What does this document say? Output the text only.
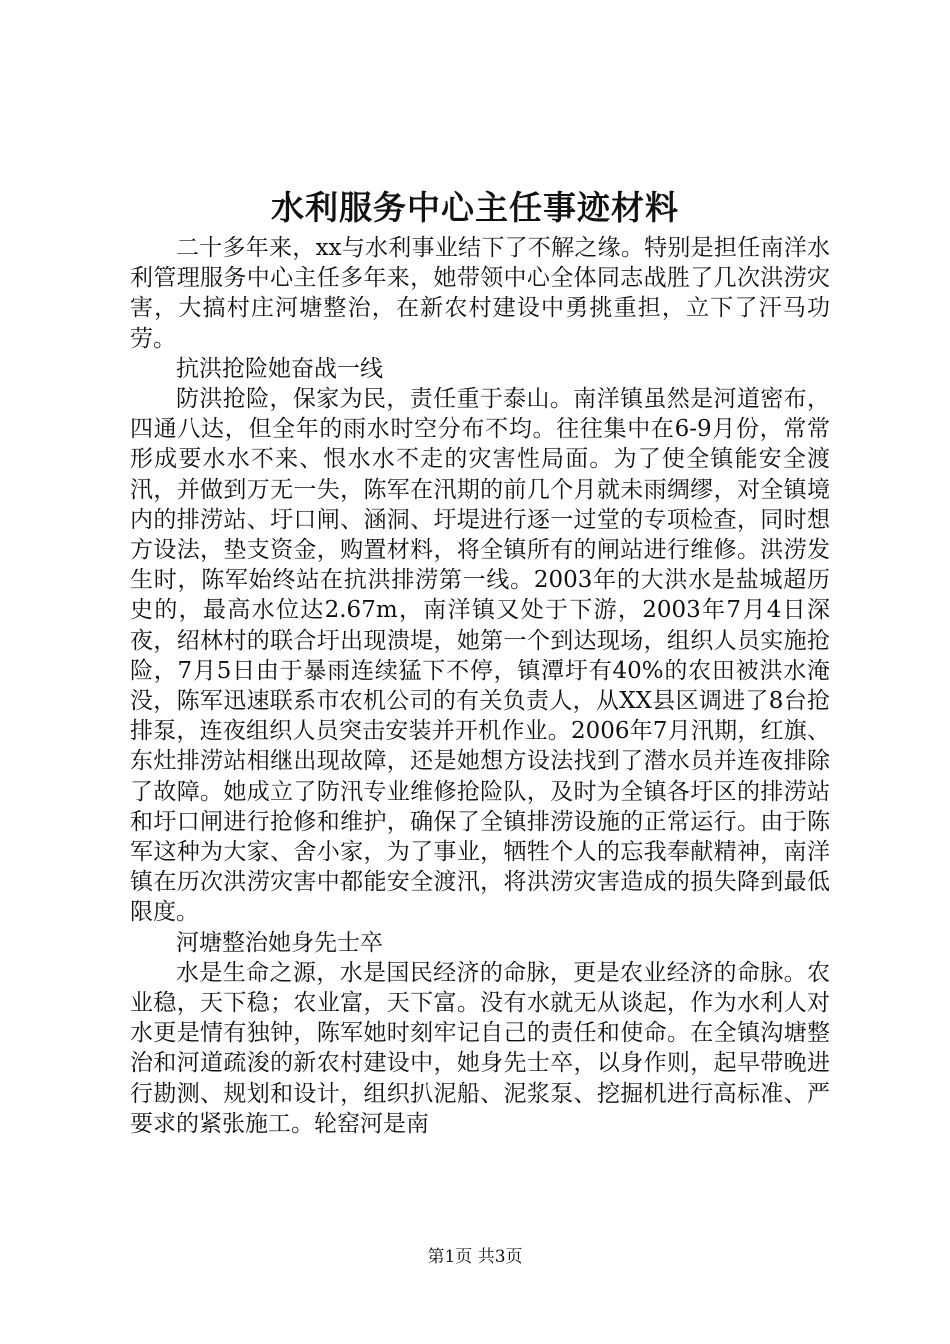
水利服务中心主任事迹材料

二十多年来，xx与水利事业结下了不解之缘。特别是担任南洋水利管理服务中心主任多年来，她带领中心全体同志战胜了几次洪涝灾害，大搞村庄河塘整治，在新农村建设中勇挑重担，立下了汗马功劳。

抗洪抢险她奋战一线

防洪抢险，保家为民，责任重于泰山。南洋镇虽然是河道密布，四通八达，但全年的雨水时空分布不均。往往集中在6-9月份，常常形成要水水不来、恨水水不走的灾害性局面。为了使全镇能安全渡汛，并做到万无一失，陈军在汛期的前几个月就未雨绸缪，对全镇境内的排涝站、圩口闸、涵洞、圩堤进行逐一过堂的专项检查，同时想方设法，垫支资金，购置材料，将全镇所有的闸站进行维修。洪涝发生时，陈军始终站在抗洪排涝第一线。2003年的大洪水是盐城超历史的，最高水位达2.67m，南洋镇又处于下游，2003年7月4日深夜，绍林村的联合圩出现溃堤，她第一个到达现场，组织人员实施抢险，7月5日由于暴雨连续猛下不停，镇潭圩有40%的农田被洪水淹没，陈军迅速联系市农机公司的有关负责人，从XX县区调进了8台抢排泵，连夜组织人员突击安装并开机作业。2006年7月汛期，红旗、东灶排涝站相继出现故障，还是她想方设法找到了潜水员并连夜排除了故障。她成立了防汛专业维修抢险队，及时为全镇各圩区的排涝站和圩口闸进行抢修和维护，确保了全镇排涝设施的正常运行。由于陈军这种为大家、舍小家，为了事业，牺牲个人的忘我奉献精神，南洋镇在历次洪涝灾害中都能安全渡汛，将洪涝灾害造成的损失降到最低限度。

河塘整治她身先士卒

水是生命之源，水是国民经济的命脉，更是农业经济的命脉。农业稳，天下稳；农业富，天下富。没有水就无从谈起，作为水利人对水更是情有独钟，陈军她时刻牢记自己的责任和使命。在全镇沟塘整治和河道疏浚的新农村建设中，她身先士卒，以身作则，起早带晚进行勘测、规划和设计，组织扒泥船、泥浆泵、挖掘机进行高标准、严要求的紧张施工。轮窑河是南

第1页 共3页
